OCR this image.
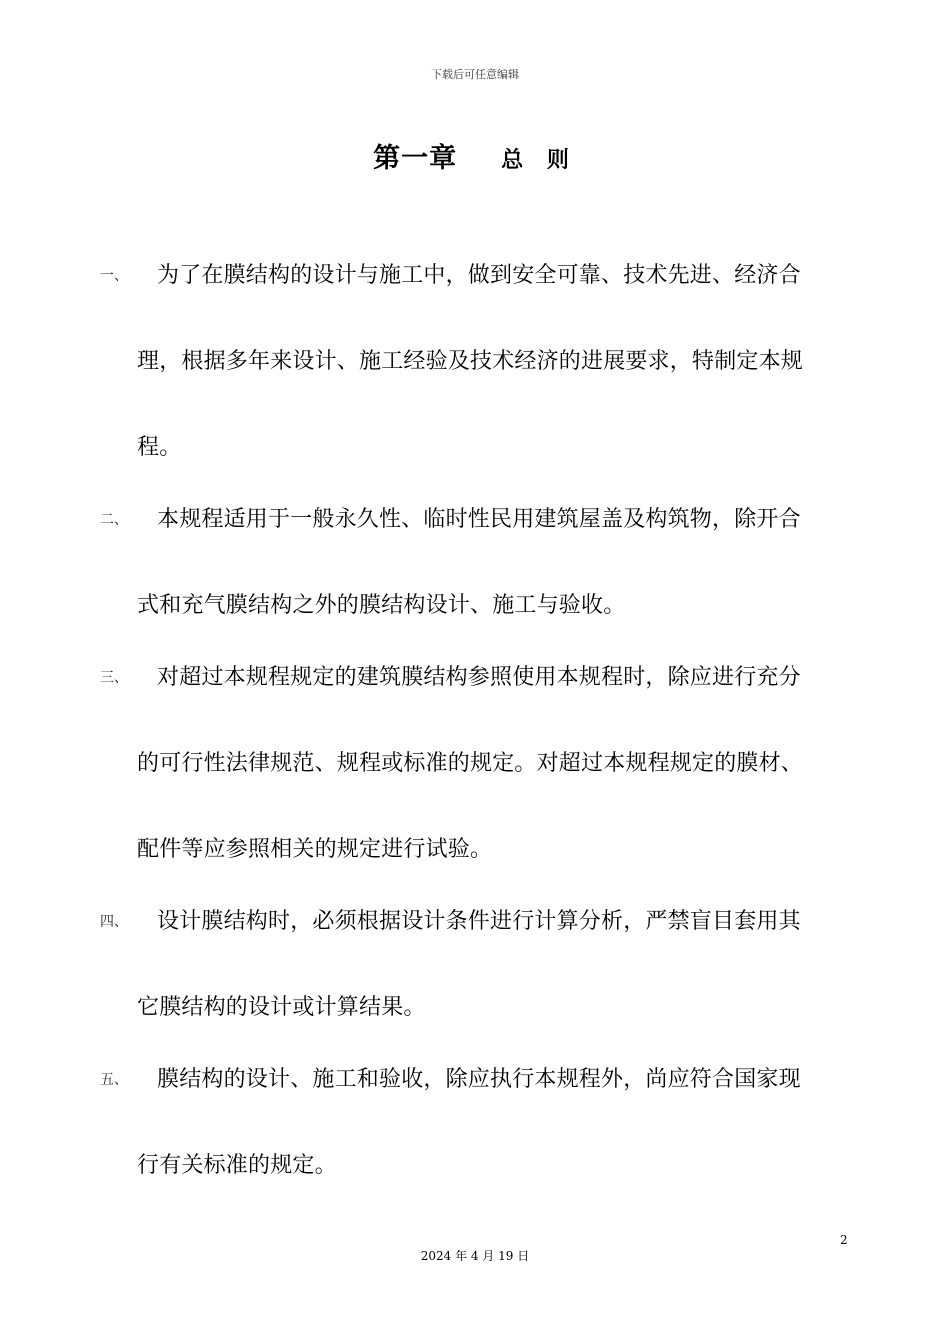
下载后可任意编辑
第一章 总 则
一、	为了在膜结构的设计与施工中，做到安全可靠、技术先进、经济合
理，根据多年来设计、施工经验及技术经济的进展要求，特制定本规
程。
二、	本规程适用于一般永久性、临时性民用建筑屋盖及构筑物，除开合
式和充气膜结构之外的膜结构设计、施工与验收。
三、	对超过本规程规定的建筑膜结构参照使用本规程时，除应进行充分
的可行性法律规范、规程或标准的规定。对超过本规程规定的膜材、
配件等应参照相关的规定进行试验。
四、	设计膜结构时，必须根据设计条件进行计算分析，严禁盲目套用其
它膜结构的设计或计算结果。
五、	膜结构的设计、施工和验收，除应执行本规程外，尚应符合国家现
行有关标准的规定。
2
2024 年 4 月 19 日
